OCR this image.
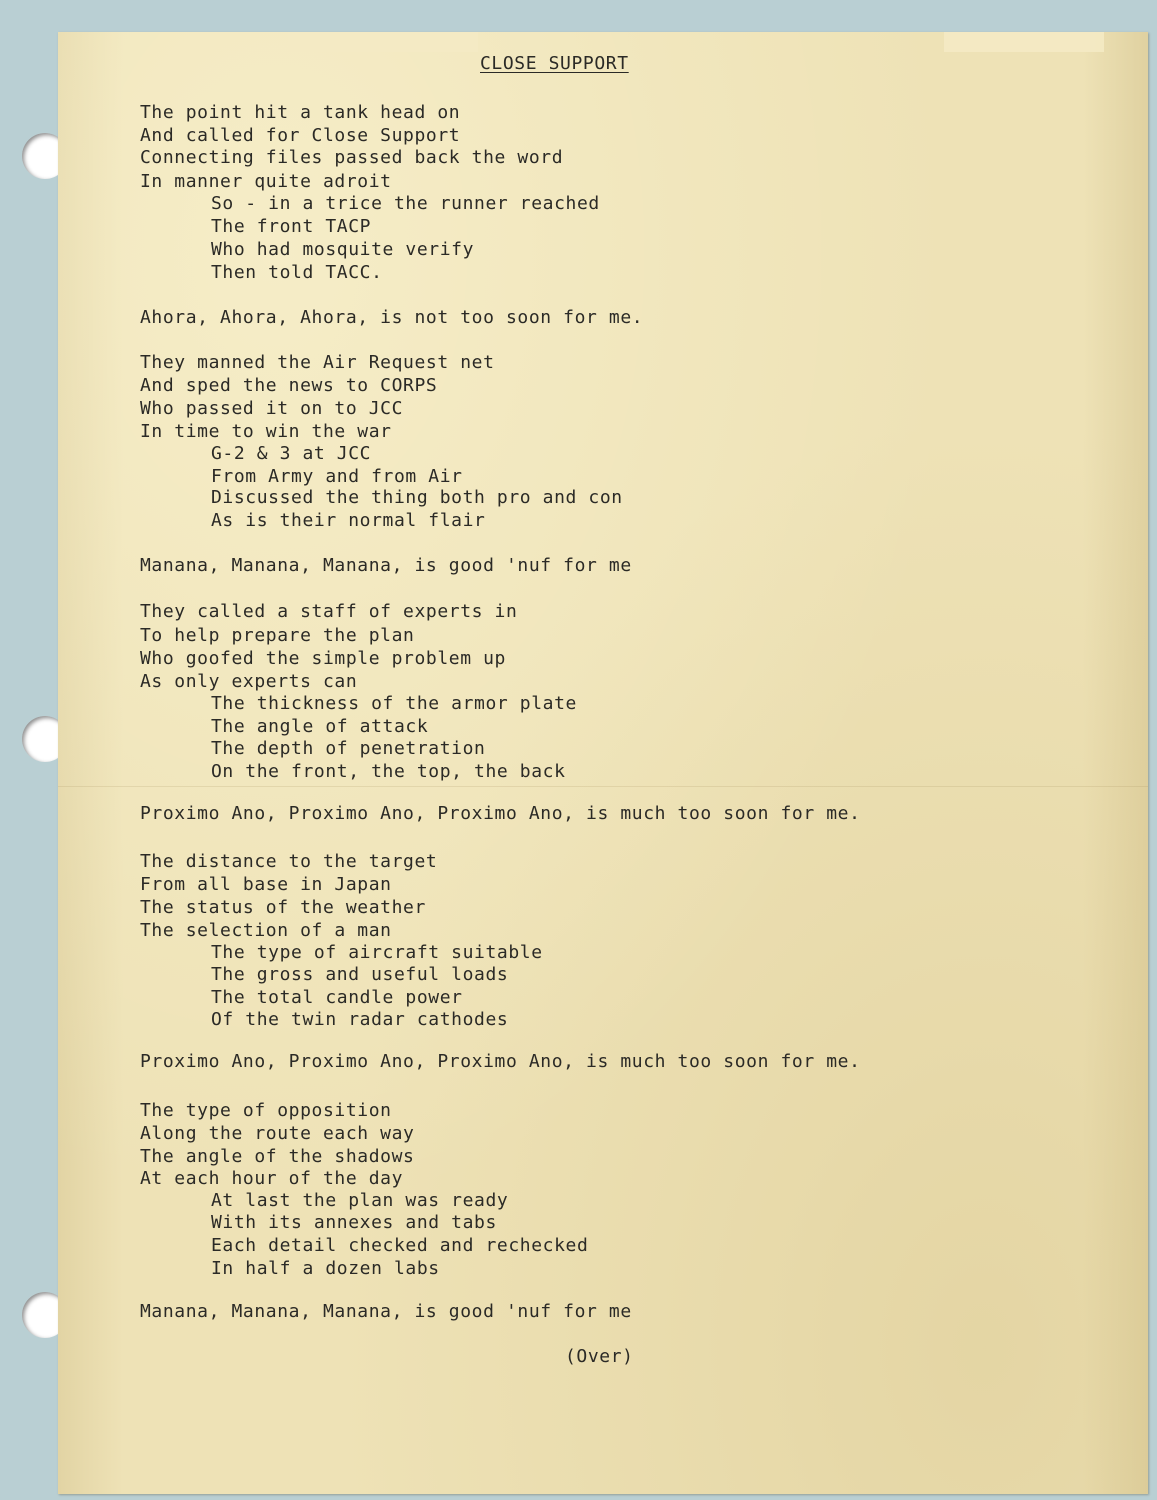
CLOSE SUPPORT
The point hit a tank head on
And called for Close Support
Connecting files passed back the word
In manner quite adroit
So - in a trice the runner reached
The front TACP
Who had mosquite verify
Then told TACC.
Ahora, Ahora, Ahora, is not too soon for me.
They manned the Air Request net
And sped the news to CORPS
Who passed it on to JCC
In time to win the war
G-2 & 3 at JCC
From Army and from Air
Discussed the thing both pro and con
As is their normal flair
Manana, Manana, Manana, is good 'nuf for me
They called a staff of experts in
To help prepare the plan
Who goofed the simple problem up
As only experts can
The thickness of the armor plate
The angle of attack
The depth of penetration
On the front, the top, the back
Proximo Ano, Proximo Ano, Proximo Ano, is much too soon for me.
The distance to the target
From all base in Japan
The status of the weather
The selection of a man
The type of aircraft suitable
The gross and useful loads
The total candle power
Of the twin radar cathodes
Proximo Ano, Proximo Ano, Proximo Ano, is much too soon for me.
The type of opposition
Along the route each way
The angle of the shadows
At each hour of the day
At last the plan was ready
With its annexes and tabs
Each detail checked and rechecked
In half a dozen labs
Manana, Manana, Manana, is good 'nuf for me
(Over)
